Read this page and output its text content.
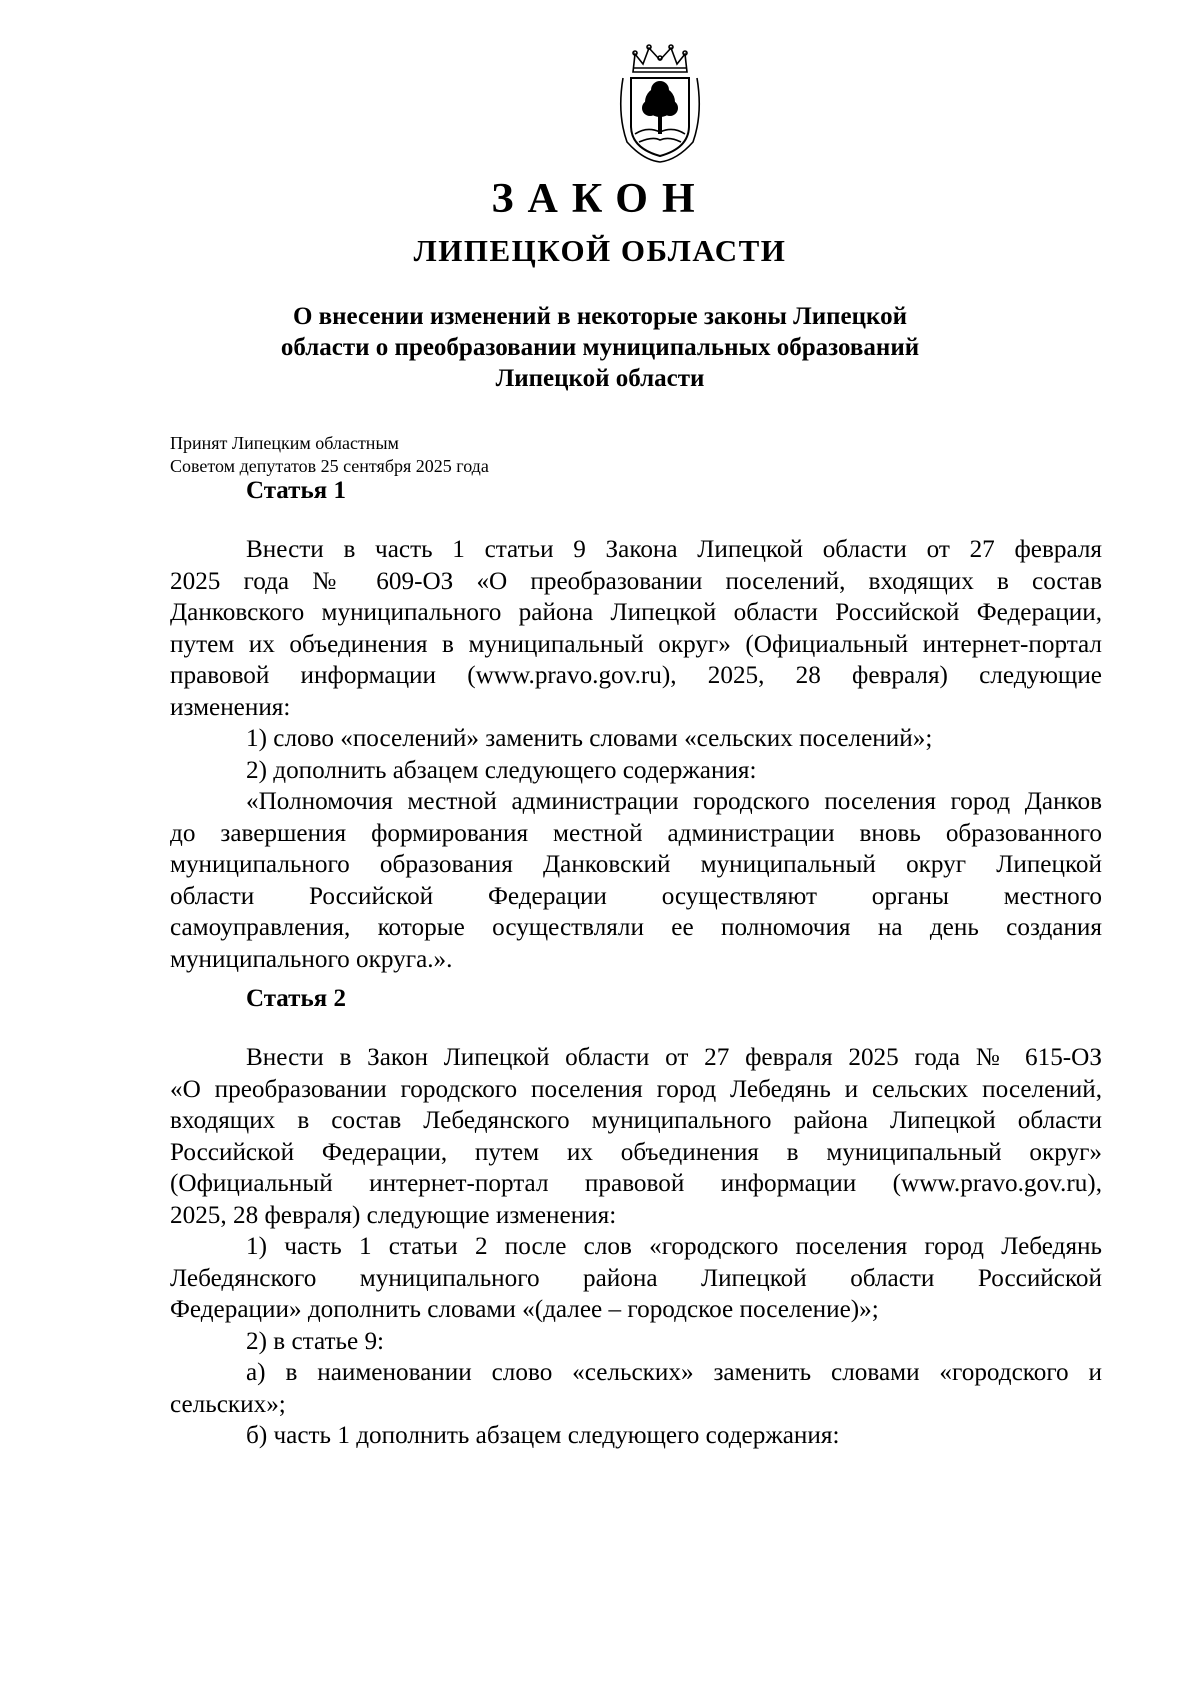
ЗАКОН
ЛИПЕЦКОЙ ОБЛАСТИ
О внесении изменений в некоторые законы Липецкой
области о преобразовании муниципальных образований
Липецкой области
Принят Липецким областным
Советом депутатов 25 сентября 2025 года
Статья 1
Внести в часть 1 статьи 9 Закона Липецкой области от 27 февраля
2025 года № 609-ОЗ «О преобразовании поселений, входящих в состав
Данковского муниципального района Липецкой области Российской Федерации,
путем их объединения в муниципальный округ» (Официальный интернет-портал
правовой информации (www.pravo.gov.ru), 2025, 28 февраля) следующие
изменения:
1) слово «поселений» заменить словами «сельских поселений»;
2) дополнить абзацем следующего содержания:
«Полномочия местной администрации городского поселения город Данков
до завершения формирования местной администрации вновь образованного
муниципального образования Данковский муниципальный округ Липецкой
области Российской Федерации осуществляют органы местного
самоуправления, которые осуществляли ее полномочия на день создания
муниципального округа.».
Статья 2
Внести в Закон Липецкой области от 27 февраля 2025 года № 615-ОЗ
«О преобразовании городского поселения город Лебедянь и сельских поселений,
входящих в состав Лебедянского муниципального района Липецкой области
Российской Федерации, путем их объединения в муниципальный округ»
(Официальный интернет-портал правовой информации (www.pravo.gov.ru),
2025, 28 февраля) следующие изменения:
1) часть 1 статьи 2 после слов «городского поселения город Лебедянь
Лебедянского муниципального района Липецкой области Российской
Федерации» дополнить словами «(далее – городское поселение)»;
2) в статье 9:
а) в наименовании слово «сельских» заменить словами «городского и
сельских»;
б) часть 1 дополнить абзацем следующего содержания:
